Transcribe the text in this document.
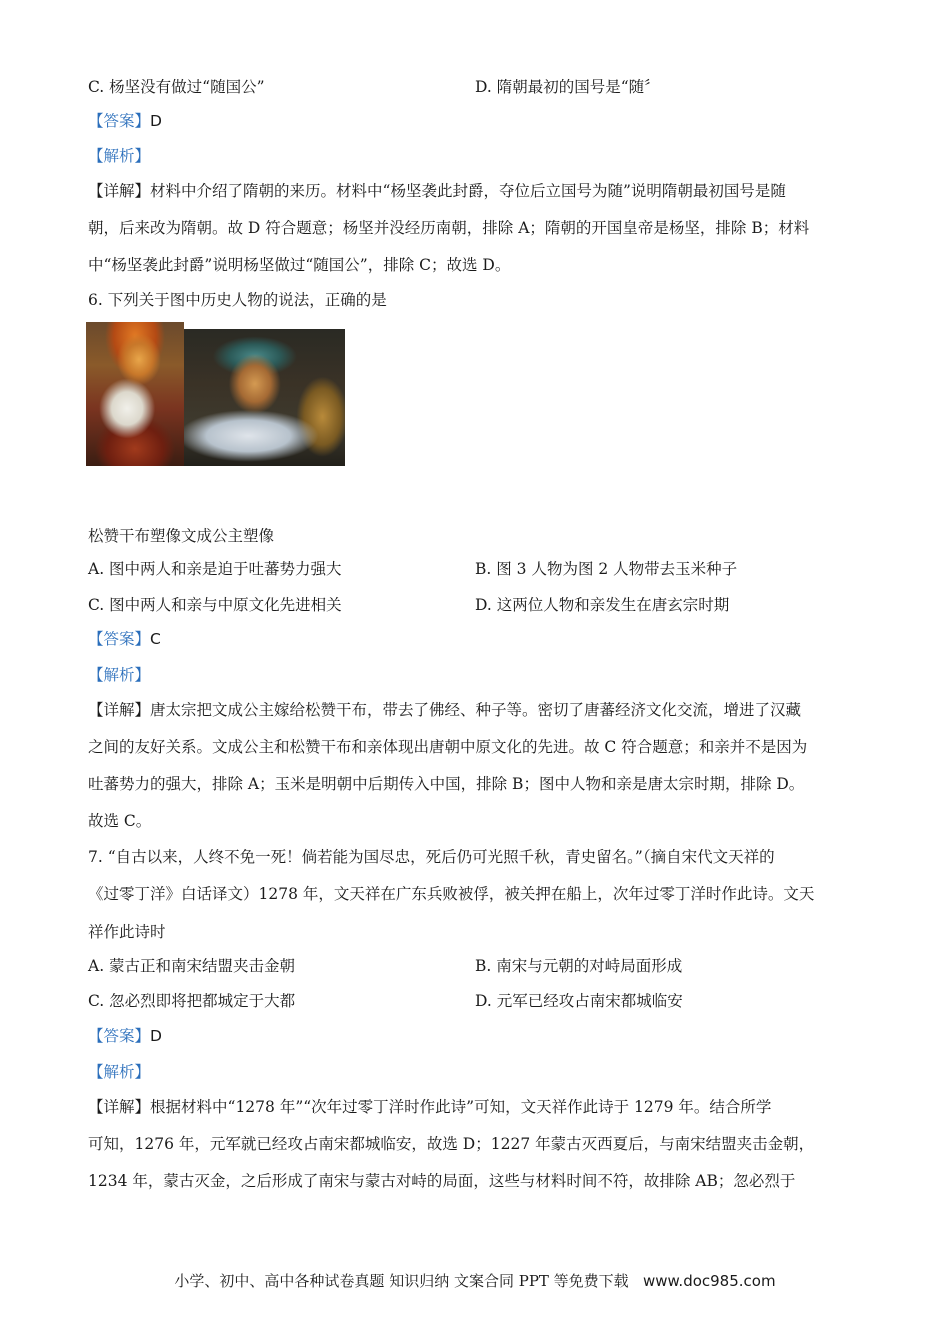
C. 杨坚没有做过“随国公”	D. 隋朝最初的国号是“随〞
【答案】D
【解析】
【详解】材料中介绍了隋朝的来历。材料中“杨坚袭此封爵，夺位后立国号为随”说明隋朝最初国号是随
朝，后来改为隋朝。故 D 符合题意；杨坚并没经历南朝，排除 A；隋朝的开国皇帝是杨坚，排除 B；材料
中“杨坚袭此封爵”说明杨坚做过“随国公”，排除 C；故选 D。
6. 下列关于图中历史人物的说法，正确的是
松赞干布塑像文成公主塑像
A. 图中两人和亲是迫于吐蕃势力强大	B. 图 3 人物为图 2 人物带去玉米种子
C. 图中两人和亲与中原文化先进相关	D. 这两位人物和亲发生在唐玄宗时期
【答案】C
【解析】
【详解】唐太宗把文成公主嫁给松赞干布，带去了佛经、种子等。密切了唐蕃经济文化交流，增进了汉藏
之间的友好关系。文成公主和松赞干布和亲体现出唐朝中原文化的先进。故 C 符合题意；和亲并不是因为
吐蕃势力的强大，排除 A；玉米是明朝中后期传入中国，排除 B；图中人物和亲是唐太宗时期，排除 D。
故选 C。
7. “自古以来，人终不免一死！倘若能为国尽忠，死后仍可光照千秋，青史留名。”（摘自宋代文天祥的
《过零丁洋》白话译文）1278 年，文天祥在广东兵败被俘，被关押在船上，次年过零丁洋时作此诗。文天
祥作此诗时
A. 蒙古正和南宋结盟夹击金朝	B. 南宋与元朝的对峙局面形成
C. 忽必烈即将把都城定于大都	D. 元军已经攻占南宋都城临安
【答案】D
【解析】
【详解】根据材料中“1278 年”“次年过零丁洋时作此诗”可知，文天祥作此诗于 1279 年。结合所学
可知，1276 年，元军就已经攻占南宋都城临安，故选 D；1227 年蒙古灭西夏后，与南宋结盟夹击金朝，
1234 年，蒙古灭金，之后形成了南宋与蒙古对峙的局面，这些与材料时间不符，故排除 AB；忽必烈于
小学、初中、高中各种试卷真题 知识归纳 文案合同 PPT 等免费下载 www.doc985.com
